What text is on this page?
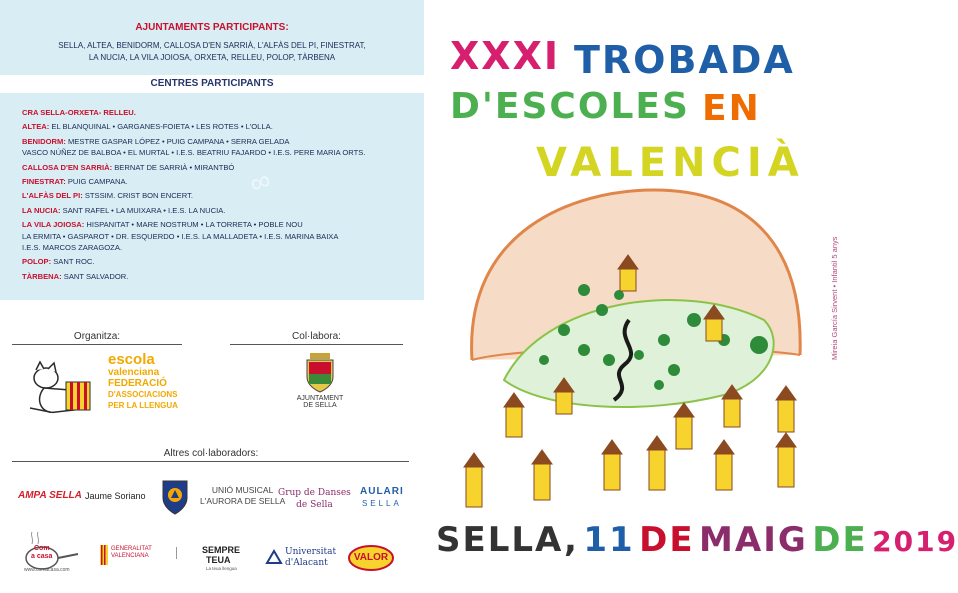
∞
AJUNTAMENTS PARTICIPANTS:
SELLA, ALTEA, BENIDORM, CALLOSA D'EN SARRIÀ, L'ALFÀS DEL PI, FINESTRAT,
LA NUCIA, LA VILA JOIOSA, ORXETA, RELLEU, POLOP, TÀRBENA
CENTRES PARTICIPANTS
CRA SELLA-ORXETA- RELLEU.
ALTEA: EL BLANQUINAL • GARGANES-FOIETA • LES ROTES • L'OLLA.
BENIDORM: MESTRE GASPAR LÓPEZ • PUIG CAMPANA • SERRA GELADA
VASCO NÚÑEZ DE BALBOA • EL MURTAL • I.E.S. BEATRIU FAJARDO • I.E.S. PERE MARIA ORTS.
CALLOSA D'EN SARRIÀ: BERNAT DE SARRIÀ • MIRANTBÓ
FINESTRAT: PUIG CAMPANA.
L'ALFÀS DEL PI: STSSIM. CRIST BON ENCERT.
LA NUCIA: SANT RAFEL • LA MUIXARA • I.E.S. LA NUCIA.
LA VILA JOIOSA: HISPANITAT • MARE NOSTRUM • LA TORRETA • POBLE NOU
LA ERMITA • GASPAROT • DR. ESQUERDO • I.E.S. LA MALLADETA • I.E.S. MARINA BAIXA
I.E.S. MARCOS ZARAGOZA.
POLOP: SANT ROC.
TÀRBENA: SANT SALVADOR.
Organitza:	Col·labora:
escola
valenciana
FEDERACIÓ
D'ASSOCIACIONS
PER LA LLENGUA
AJUNTAMENT
DE SELLA
Altres col·laboradors:
AMPA SELLA Jaume Soriano
UNIÓ MUSICAL
L'AURORA DE SELLA
Grup de Danses
de Sella
AULARI
SELLA
Com
a casa
www.comacasa.com
GENERALITAT
VALENCIANA
SEMPRE
TEUA
La teua llengua
Universitat
d'Alacant	VALOR
XXXI TROBADA
D'ESCOLES EN
VALENCIÀ
SELLA, 11 DE MAIG DE 2019
Mireia García Sirvent • Infantil 5 anys
